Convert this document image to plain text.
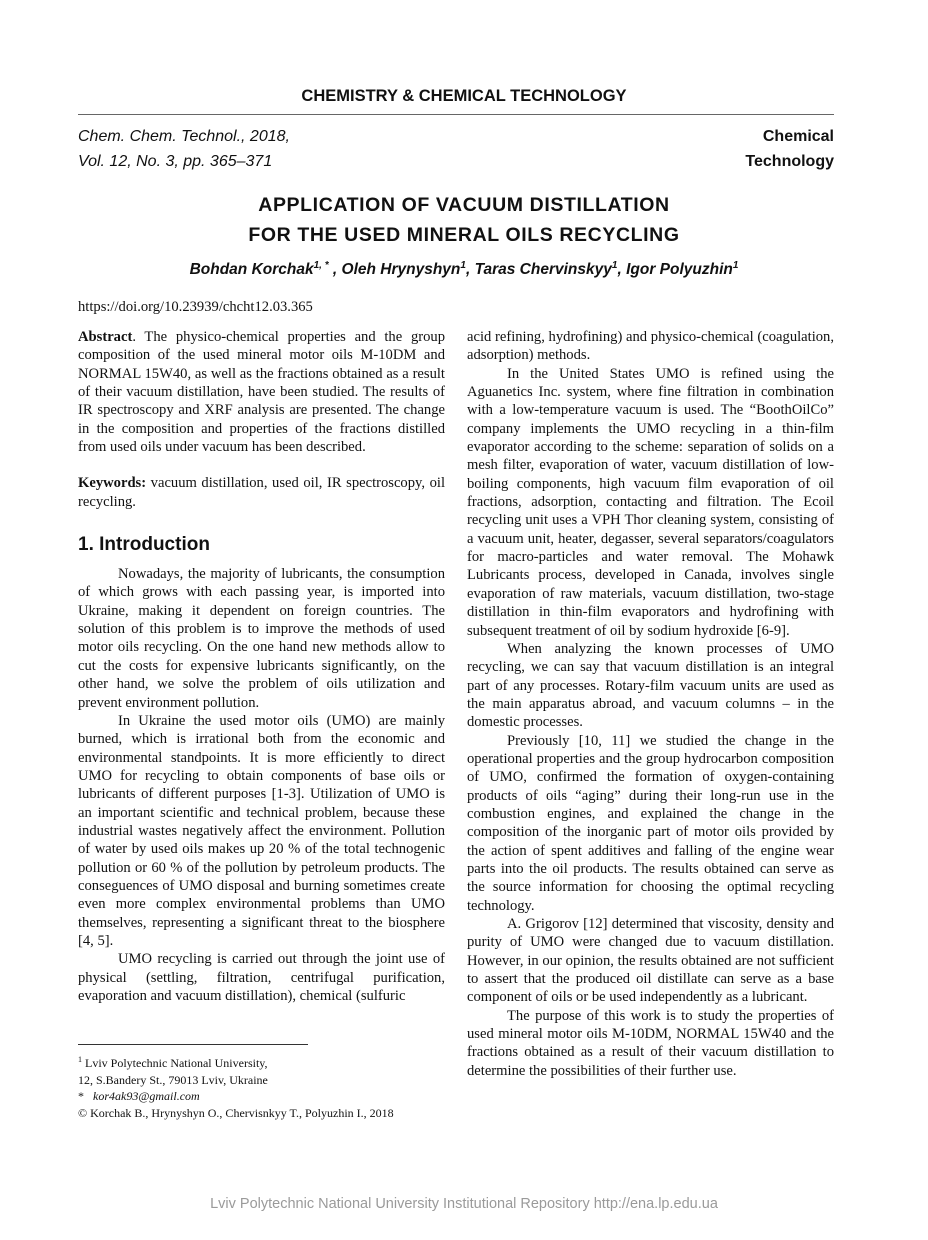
CHEMISTRY & CHEMICAL TECHNOLOGY
Chem. Chem. Technol., 2018,
Vol. 12, No. 3, pp. 365–371
Chemical
Technology
APPLICATION OF VACUUM DISTILLATION
FOR THE USED MINERAL OILS RECYCLING
Bohdan Korchak$^{1, *}$ , Oleh Hrynyshyn$^1$, Taras Chervinskyy$^1$, Igor Polyuzhin$^1$
https://doi.org/10.23939/chcht12.03.365

Abstract. The physico-chemical properties and the group composition of the used mineral motor oils M-10DM and NORMAL 15W40, as well as the fractions obtained as a result of their vacuum distillation, have been studied. The results of IR spectroscopy and XRF analysis are presented. The change in the composition and properties of the fractions distilled from used oils under vacuum has been described.

Keywords: vacuum distillation, used oil, IR spectroscopy, oil recycling.

1. Introduction

Nowadays, the majority of lubricants, the consumption of which grows with each passing year, is imported into Ukraine, making it dependent on foreign countries. The solution of this problem is to improve the methods of used motor oils recycling. On the one hand new methods allow to cut the costs for expensive lubricants significantly, on the other hand, we solve the problem of oils utilization and prevent environment pollution.

In Ukraine the used motor oils (UMO) are mainly burned, which is irrational both from the economic and environmental standpoints. It is more efficiently to direct UMO for recycling to obtain components of base oils or lubricants of different purposes [1-3]. Utilization of UMO is an important scientific and technical problem, because these industrial wastes negatively affect the environment. Pollution of water by used oils makes up 20 % of the total technogenic pollution or 60 % of the pollution by petroleum products. The conseguences of UMO disposal and burning sometimes create even more complex environmental problems than UMO themselves, representing a significant threat to the biosphere [4, 5].

UMO recycling is carried out through the joint use of physical (settling, filtration, centrifugal purification, evaporation and vacuum distillation), chemical (sulfuric

acid refining, hydrofining) and physico-chemical (coagulation, adsorption) methods.

In the United States UMO is refined using the Aguanetics Inc. system, where fine filtration in combination with a low-temperature vacuum is used. The “BoothOilCo” company implements the UMO recycling in a thin-film evaporator according to the scheme: separation of solids on a mesh filter, evaporation of water, vacuum distillation of low-boiling components, high vacuum film evaporation of oil fractions, adsorption, contacting and filtration. The Ecoil recycling unit uses a VPH Thor cleaning system, consisting of a vacuum unit, heater, degasser, several separators/coagulators for macro-particles and water removal. The Mohawk Lubricants process, developed in Canada, involves single evaporation of raw materials, vacuum distillation, two-stage distillation in thin-film evaporators and hydrofining with subsequent treatment of oil by sodium hydroxide [6-9].

When analyzing the known processes of UMO recycling, we can say that vacuum distillation is an integral part of any processes. Rotary-film vacuum units are used as the main apparatus abroad, and vacuum columns – in the domestic processes.

Previously [10, 11] we studied the change in the operational properties and the group hydrocarbon composition of UMO, confirmed the formation of oxygen-containing products of oils “aging” during their long-run use in the combustion engines, and explained the change in the composition of the inorganic part of motor oils provided by the action of spent additives and falling of the engine wear parts into the oil products. The results obtained can serve as the source information for choosing the optimal recycling technology.

A. Grigorov [12] determined that viscosity, density and purity of UMO were changed due to vacuum distillation. However, in our opinion, the results obtained are not sufficient to assert that the produced oil distillate can serve as a base component of oils or be used independently as a lubricant.

The purpose of this work is to study the properties of used mineral motor oils M-10DM, NORMAL 15W40 and the fractions obtained as a result of their vacuum distillation to determine the possibilities of their further use.

$^1$ Lviv Polytechnic National University,
12, S.Bandery St., 79013 Lviv, Ukraine
* kor4ak93@gmail.com
© Korchak B., Hrynyshyn O., Chervisnkyy T., Polyuzhin I., 2018
Lviv Polytechnic National University Institutional Repository http://ena.lp.edu.ua
